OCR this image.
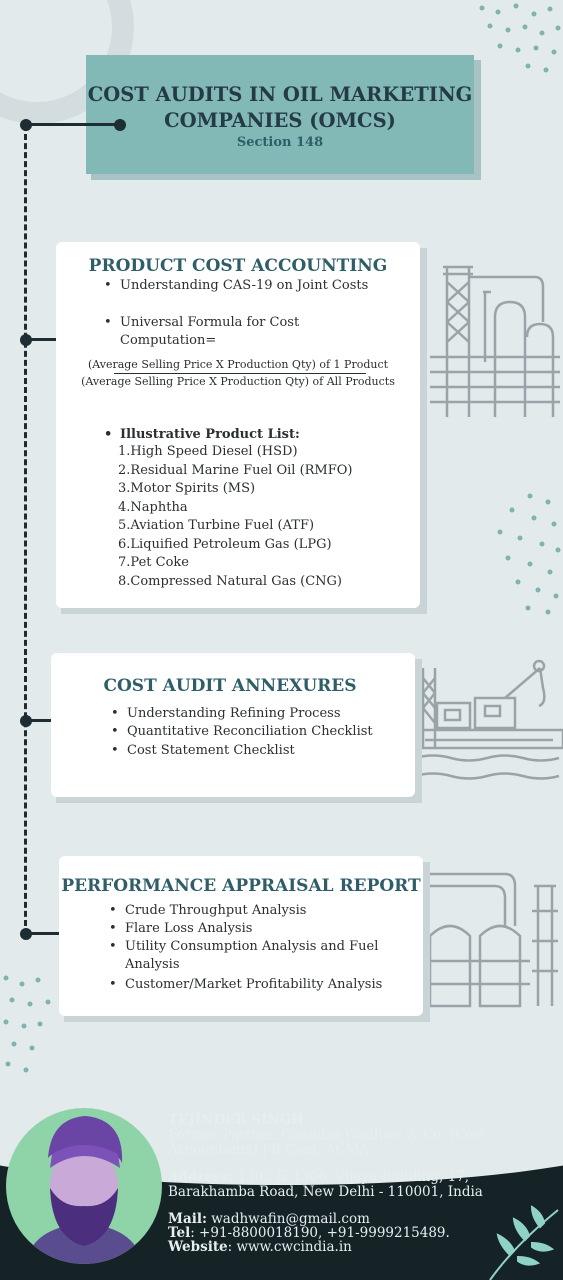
COST AUDITS IN OIL MARKETING COMPANIES (OMCS)
Section 148
PRODUCT COST ACCOUNTING
• Understanding CAS-19 on Joint Costs
• Universal Formula for Cost Computation=
(Average Selling Price X Production Qty) of 1 Product
(Average Selling Price X Production Qty) of All Products
• Illustrative Product List:
1.High Speed Diesel (HSD)
2.Residual Marine Fuel Oil (RMFO)
3.Motor Spirits (MS)
4.Naphtha
5.Aviation Turbine Fuel (ATF)
6.Liquified Petroleum Gas (LPG)
7.Pet Coke
8.Compressed Natural Gas (CNG)
COST AUDIT ANNEXURES
• Understanding Refining Process
• Quantitative Reconciliation Checklist
• Cost Statement Checklist
PERFORMANCE APPRAISAL REPORT
• Crude Throughput Analysis
• Flare Loss Analysis
• Utility Consumption Analysis and Fuel Analysis
• Customer/Market Profitability Analysis
TEJINDER SINGH
Former Partner, Chandra Wadhwa & Co. (Cost Accountants) | B.Com, ACMA
Address: 1305 & 1306, Vijaya Building, 17, Barakhamba Road, New Delhi - 110001, India
Mail: wadhwafin@gmail.com
Tel: +91-8800018190, +91-9999215489.
Website: www.cwcindia.in
